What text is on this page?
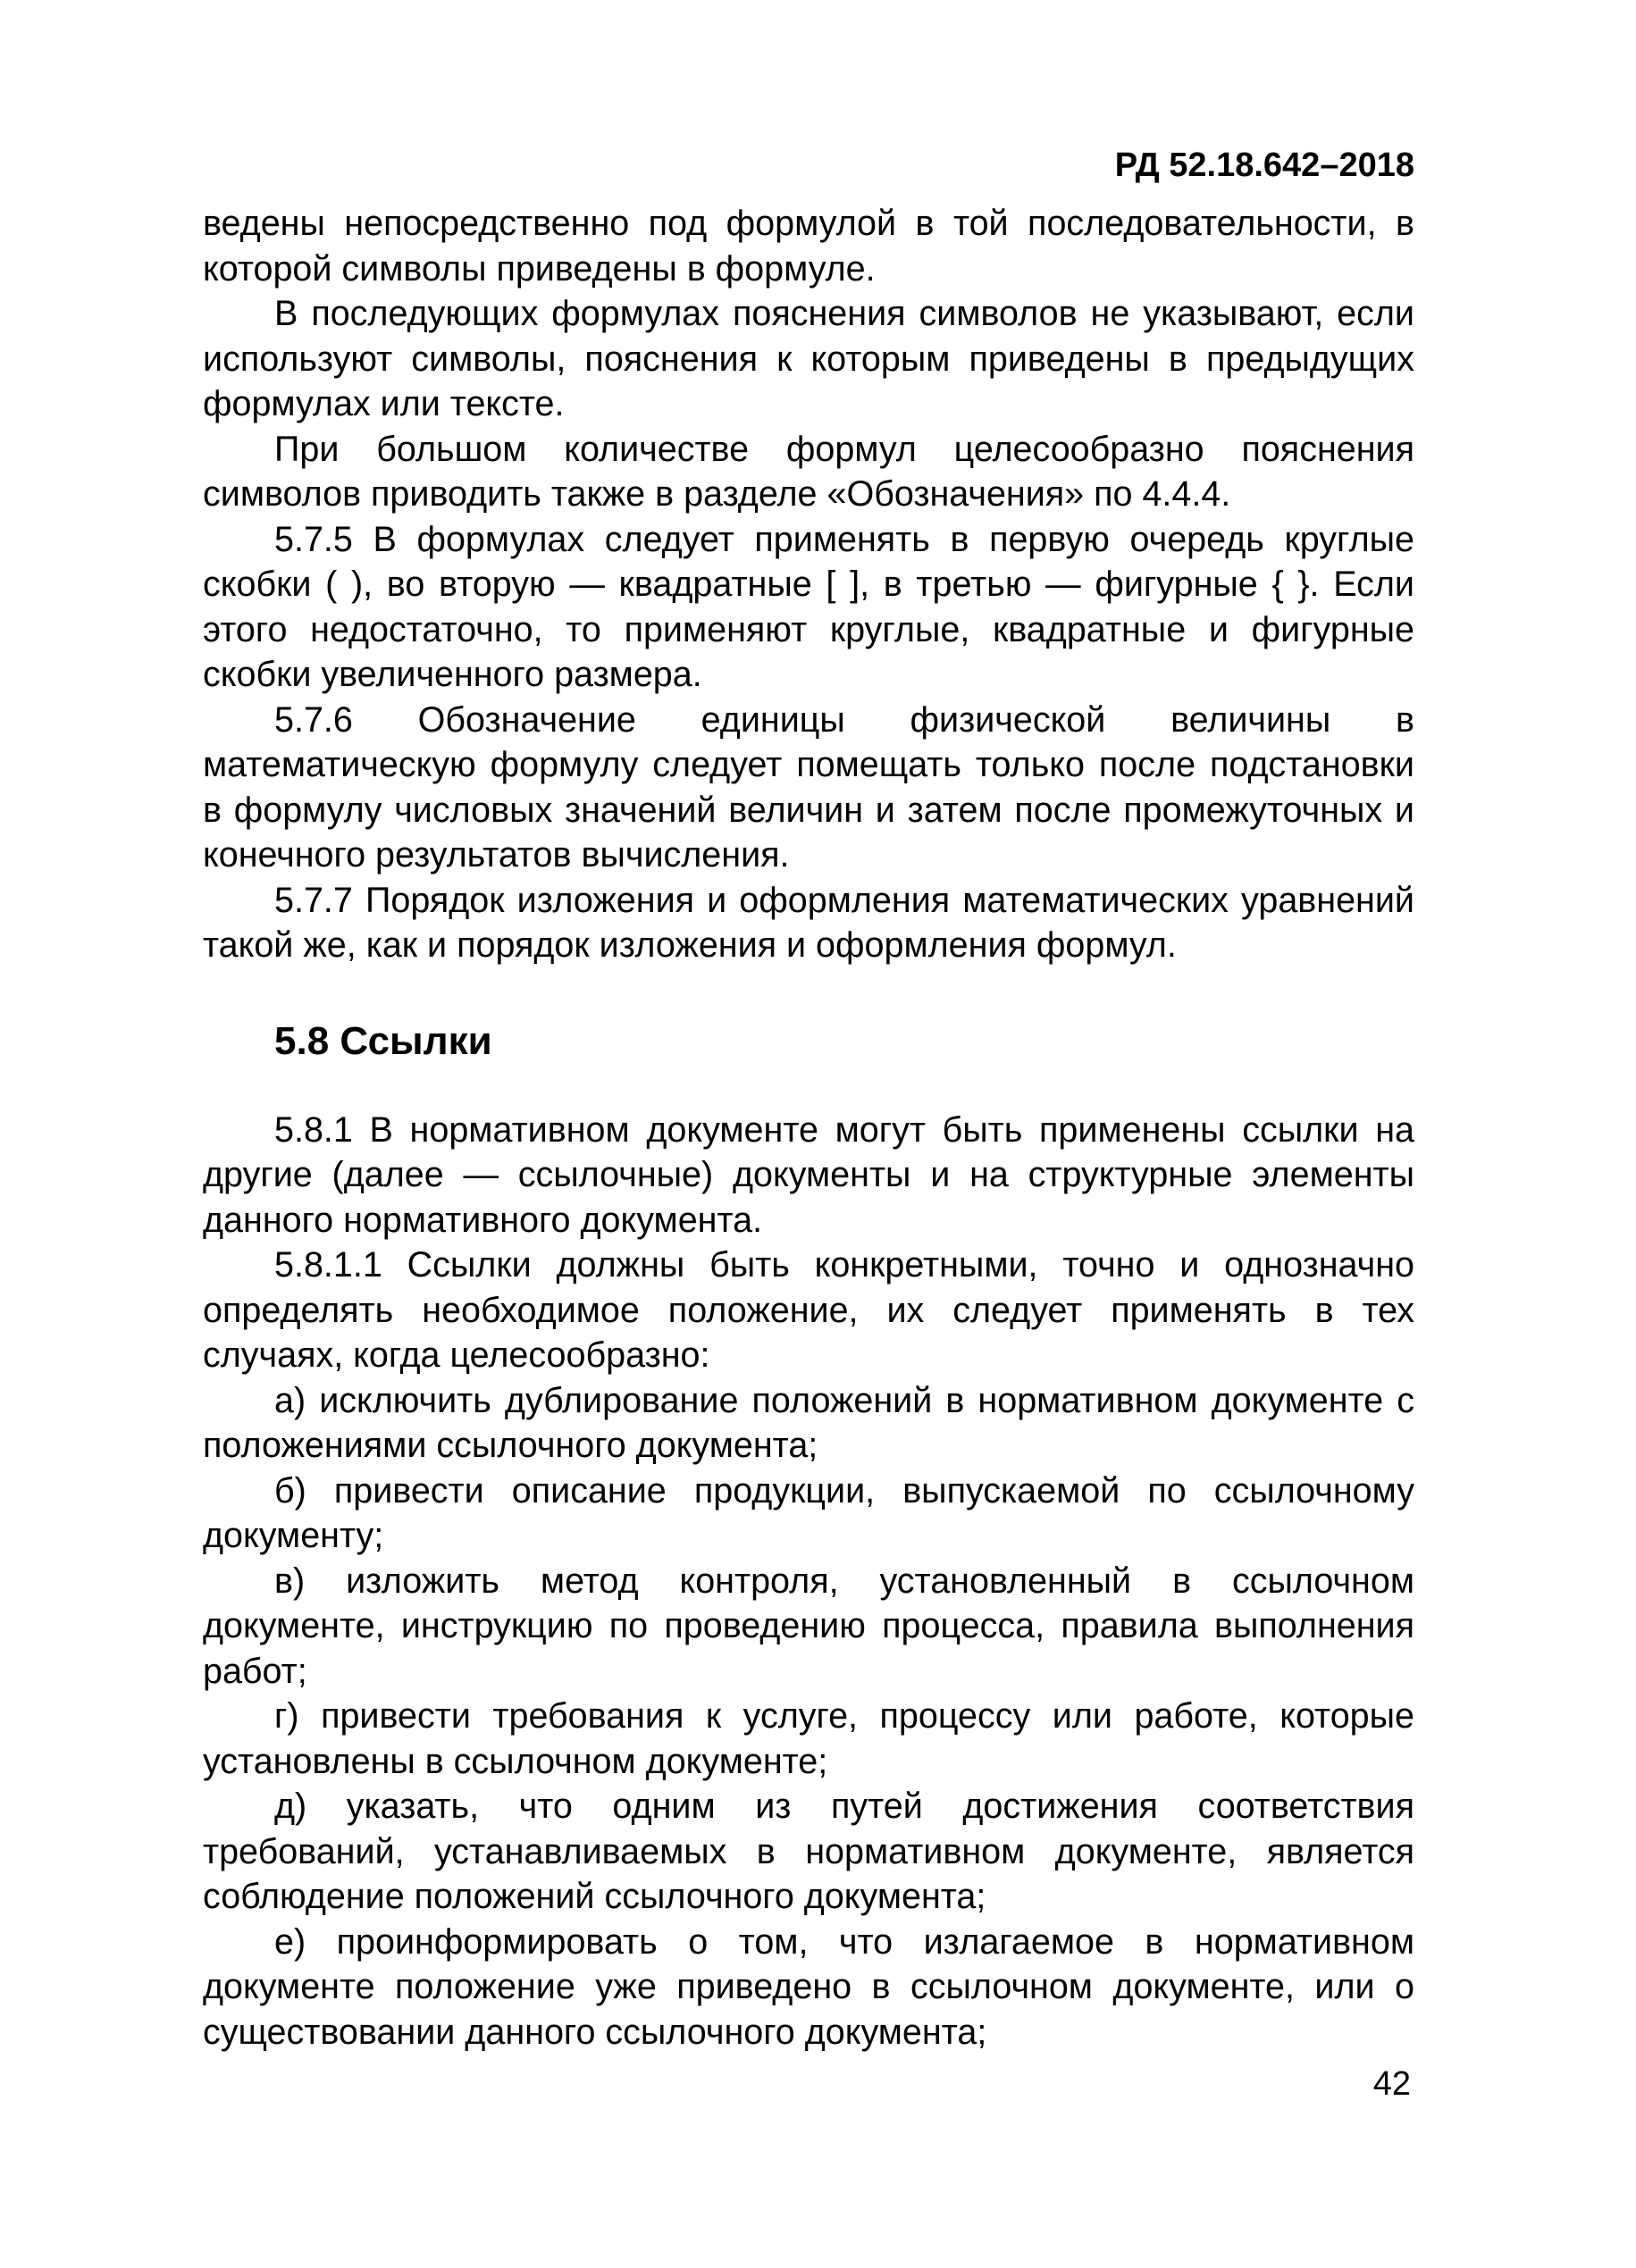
РД 52.18.642–2018

ведены непосредственно под формулой в той последовательности, в которой символы приведены в формуле.

В последующих формулах пояснения символов не указывают, если используют символы, пояснения к которым приведены в предыдущих формулах или тексте.

При большом количестве формул целесообразно пояснения символов приводить также в разделе «Обозначения» по 4.4.4.

5.7.5 В формулах следует применять в первую очередь круглые скобки ( ), во вторую — квадратные [ ], в третью — фигурные { }. Если этого недостаточно, то применяют круглые, квадратные и фигурные скобки увеличенного размера.

5.7.6 Обозначение единицы физической величины в математическую формулу следует помещать только после подстановки в формулу числовых значений величин и затем после промежуточных и конечного результатов вычисления.

5.7.7 Порядок изложения и оформления математических уравнений такой же, как и порядок изложения и оформления формул.

5.8 Ссылки

5.8.1 В нормативном документе могут быть применены ссылки на другие (далее — ссылочные) документы и на структурные элементы данного нормативного документа.

5.8.1.1 Ссылки должны быть конкретными, точно и однозначно определять необходимое положение, их следует применять в тех случаях, когда целесообразно:

а) исключить дублирование положений в нормативном документе с положениями ссылочного документа;

б) привести описание продукции, выпускаемой по ссылочному документу;

в) изложить метод контроля, установленный в ссылочном документе, инструкцию по проведению процесса, правила выполнения работ;

г) привести требования к услуге, процессу или работе, которые установлены в ссылочном документе;

д) указать, что одним из путей достижения соответствия требований, устанавливаемых в нормативном документе, является соблюдение положений ссылочного документа;

е) проинформировать о том, что излагаемое в нормативном документе положение уже приведено в ссылочном документе, или о существовании данного ссылочного документа;

42
